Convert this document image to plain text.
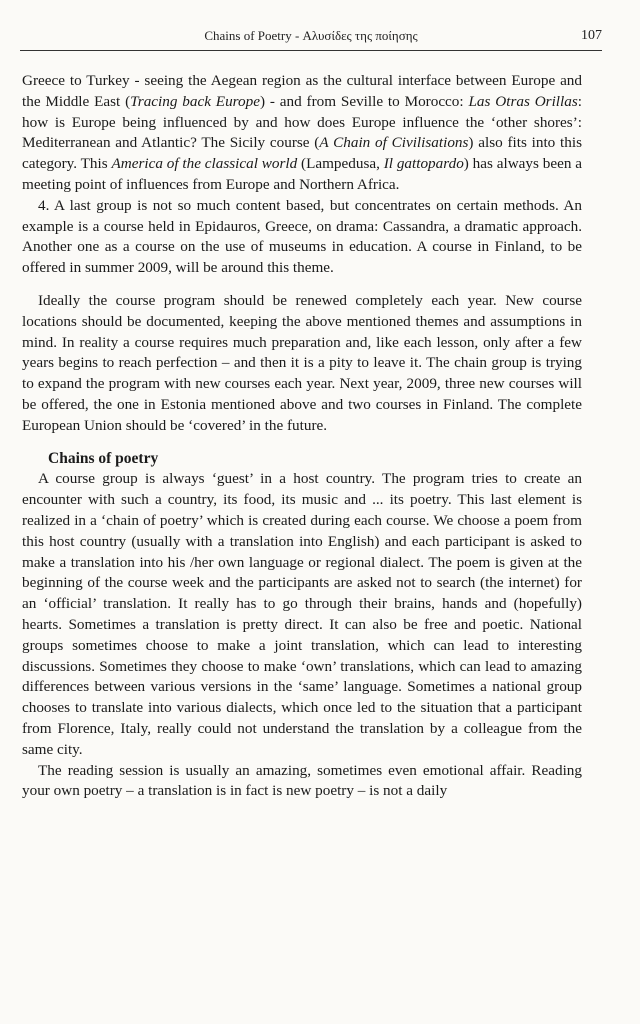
Chains of Poetry - Αλυσίδες της ποίησης	107

Greece to Turkey - seeing the Aegean region as the cultural interface between Europe and the Middle East (Tracing back Europe) - and from Seville to Morocco: Las Otras Orillas: how is Europe being influenced by and how does Europe influence the ‘other shores’: Mediterranean and Atlantic? The Sicily course (A Chain of Civilisations) also fits into this category. This America of the classical world (Lampedusa, Il gattopardo) has always been a meeting point of influences from Europe and Northern Africa.

4. A last group is not so much content based, but concentrates on certain methods. An example is a course held in Epidauros, Greece, on drama: Cassandra, a dramatic approach. Another one as a course on the use of museums in education. A course in Finland, to be offered in summer 2009, will be around this theme.

Ideally the course program should be renewed completely each year. New course locations should be documented, keeping the above mentioned themes and assumptions in mind. In reality a course requires much preparation and, like each lesson, only after a few years begins to reach perfection – and then it is a pity to leave it. The chain group is trying to expand the program with new courses each year. Next year, 2009, three new courses will be offered, the one in Estonia mentioned above and two courses in Finland. The complete European Union should be ‘covered’ in the future.

Chains of poetry

A course group is always ‘guest’ in a host country. The program tries to create an encounter with such a country, its food, its music and ... its poetry. This last element is realized in a ‘chain of poetry’ which is created during each course. We choose a poem from this host country (usually with a translation into English) and each participant is asked to make a translation into his /her own language or regional dialect. The poem is given at the beginning of the course week and the participants are asked not to search (the internet) for an ‘official’ translation. It really has to go through their brains, hands and (hopefully) hearts. Sometimes a translation is pretty direct. It can also be free and poetic. National groups sometimes choose to make a joint translation, which can lead to interesting discussions. Sometimes they choose to make ‘own’ translations, which can lead to amazing differences between various versions in the ‘same’ language. Sometimes a national group chooses to translate into various dialects, which once led to the situation that a participant from Florence, Italy, really could not understand the translation by a colleague from the same city.

The reading session is usually an amazing, sometimes even emotional affair. Reading your own poetry – a translation is in fact is new poetry – is not a daily
